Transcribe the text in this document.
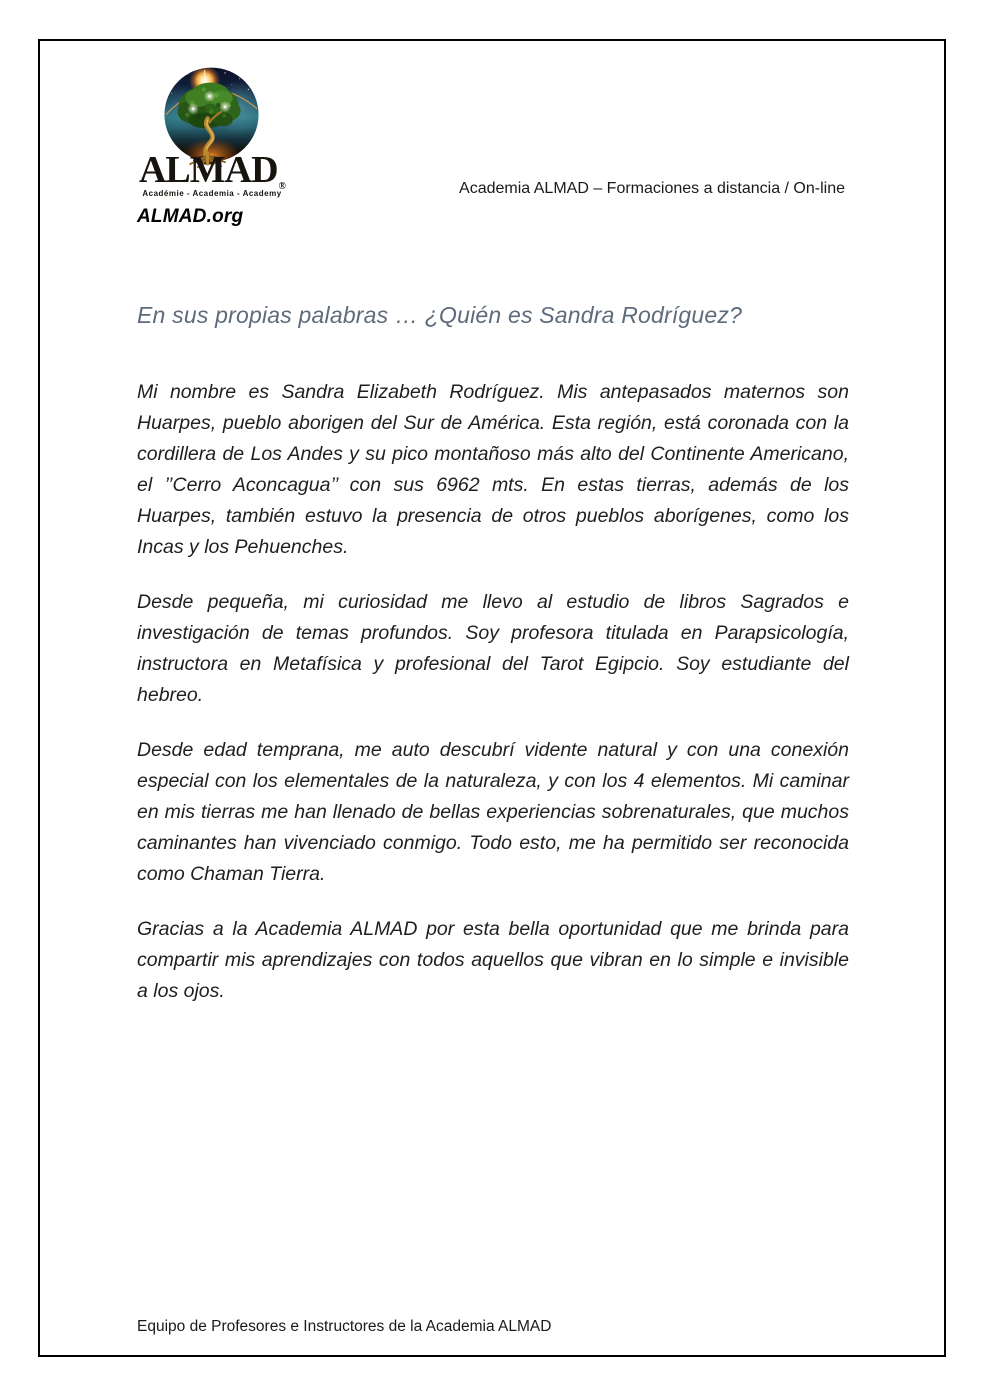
ALMAD®
Académie - Academia - Academy
ALMAD.org
Academia ALMAD – Formaciones a distancia / On-line
En sus propias palabras … ¿Quién es Sandra Rodríguez?

Mi nombre es Sandra Elizabeth Rodríguez. Mis antepasados maternos son Huarpes, pueblo aborigen del Sur de América. Esta región, está coronada con la cordillera de Los Andes y su pico montañoso más alto del Continente Americano, el ’’Cerro Aconcagua’’ con sus 6962 mts. En estas tierras, además de los Huarpes, también estuvo la presencia de otros pueblos aborígenes, como los Incas y los Pehuenches.

Desde pequeña, mi curiosidad me llevo al estudio de libros Sagrados e investigación de temas profundos. Soy profesora titulada en Parapsicología, instructora en Metafísica y profesional del Tarot Egipcio. Soy estudiante del hebreo.

Desde edad temprana, me auto descubrí vidente natural y con una conexión especial con los elementales de la naturaleza, y con los 4 elementos. Mi caminar en mis tierras me han llenado de bellas experiencias sobrenaturales, que muchos caminantes han vivenciado conmigo. Todo esto, me ha permitido ser reconocida como Chaman Tierra.

Gracias a la Academia ALMAD por esta bella oportunidad que me brinda para compartir mis aprendizajes con todos aquellos que vibran en lo simple e invisible a los ojos.

Equipo de Profesores e Instructores de la Academia ALMAD
